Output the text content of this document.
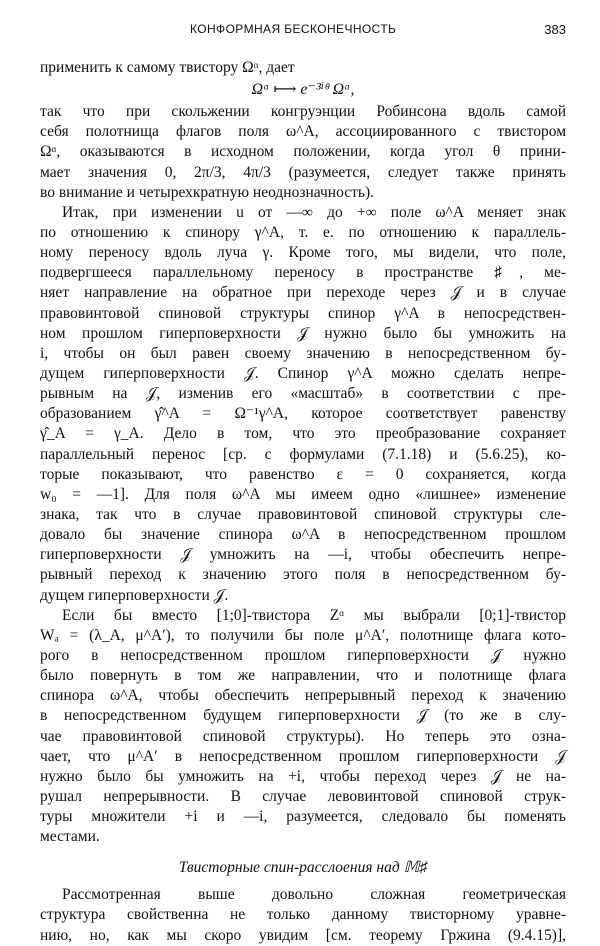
КОНФОРМНАЯ БЕСКОНЕЧНОСТЬ	383
применить к самому твистору Ωᵅ, дает
Ωᵅ ⟼ e⁻³ⁱᶿ Ωᵅ,
так что при скольжении конгруэнции Робинсона вдоль самой
себя полотнища флагов поля ω^A, ассоциированного с твистором
Ωᵅ, оказываются в исходном положении, когда угол θ прини-
мает значения 0, 2π/3, 4π/3 (разумеется, следует также принять
во внимание и четырехкратную неоднозначность).
Итак, при изменении u от —∞ до +∞ поле ω^A меняет знак
по отношению к спинору γ^A, т. е. по отношению к параллель-
ному переносу вдоль луча γ. Кроме того, мы видели, что поле,
подвергшееся параллельному переносу в пространстве ♯, ме-
няет направление на обратное при переходе через 𝒥 и в случае
правовинтовой спиновой структуры спинор γ^A в непосредствен-
ном прошлом гиперповерхности 𝒥 нужно было бы умножить на
i, чтобы он был равен своему значению в непосредственном бу-
дущем гиперповерхности 𝒥. Спинор γ^A можно сделать непре-
рывным на 𝒥, изменив его «масштаб» в соответствии с пре-
образованием γ̂^A = Ω⁻¹γ^A, которое соответствует равенству
γ̂_A = γ_A. Дело в том, что это преобразование сохраняет
параллельный перенос [ср. с формулами (7.1.18) и (5.6.25), ко-
торые показывают, что равенство ε = 0 сохраняется, когда
w₀ = —1]. Для поля ω^A мы имеем одно «лишнее» изменение
знака, так что в случае правовинтовой спиновой структуры сле-
довало бы значение спинора ω^A в непосредственном прошлом
гиперповерхности 𝒥 умножить на —i, чтобы обеспечить непре-
рывный переход к значению этого поля в непосредственном бу-
дущем гиперповерхности 𝒥.
Если бы вместо [1;0]-твистора Zᵅ мы выбрали [0;1]-твистор
Wₐ = (λ_A, μ^A′), то получили бы поле μ^A′, полотнище флага кото-
рого в непосредственном прошлом гиперповерхности 𝒥 нужно
было повернуть в том же направлении, что и полотнище флага
спинора ω^A, чтобы обеспечить непрерывный переход к значению
в непосредственном будущем гиперповерхности 𝒥 (то же в слу-
чае правовинтовой спиновой структуры). Но теперь это озна-
чает, что μ^A′ в непосредственном прошлом гиперповерхности 𝒥
нужно было бы умножить на +i, чтобы переход через 𝒥 не на-
рушал непрерывности. В случае левовинтовой спиновой струк-
туры множители +i и —i, разумеется, следовало бы поменять
местами.
Твисторные спин-расслоения над 𝕄♯
Рассмотренная выше довольно сложная геометрическая
структура свойственна не только данному твисторному уравне-
нию, но, как мы скоро увидим [см. теорему Гржина (9.4.15)],
